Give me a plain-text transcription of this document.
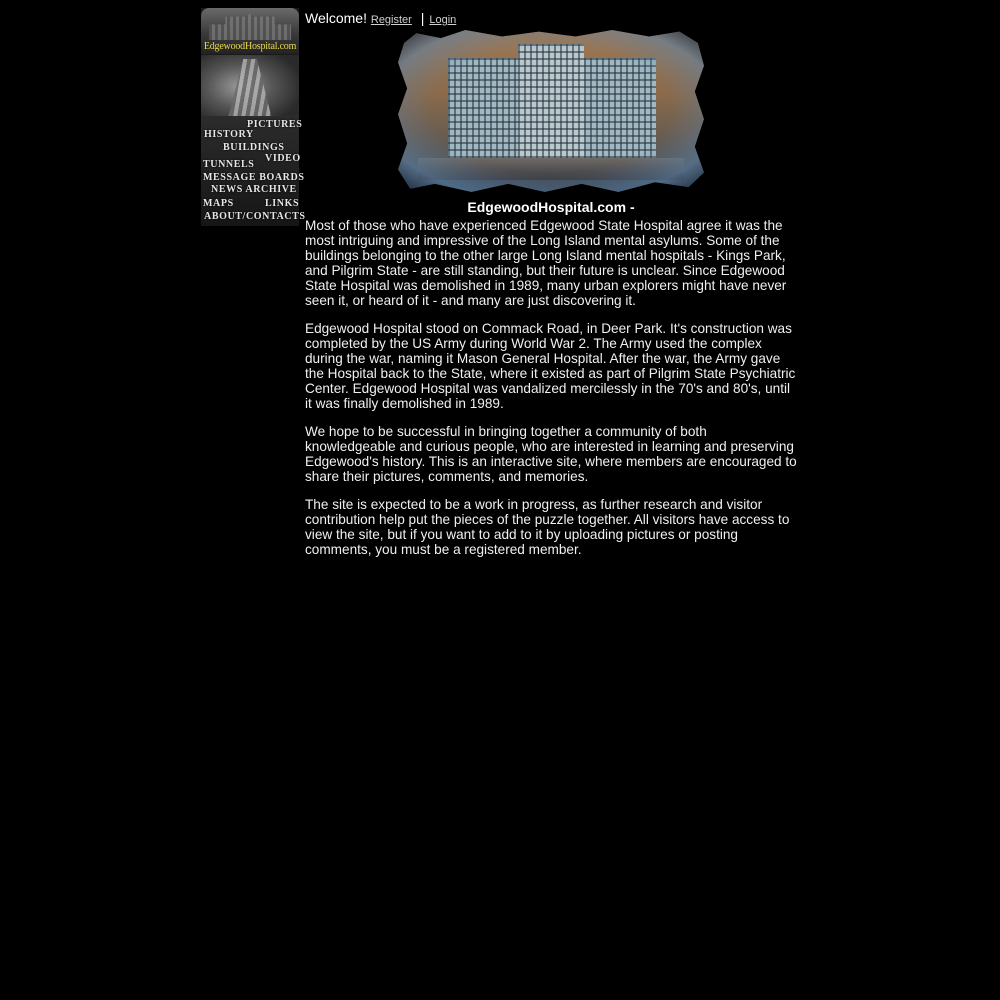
EdgewoodHospital.com
PICTURES
HISTORY
BUILDINGS
VIDEO
TUNNELS
MESSAGE BOARDS
NEWS ARCHIVE
MAPS	LINKS
ABOUT/CONTACTS
Welcome! Register | Login
EdgewoodHospital.com -

Most of those who have experienced Edgewood State Hospital agree it was the most intriguing and impressive of the Long Island mental asylums. Some of the buildings belonging to the other large Long Island mental hospitals - Kings Park, and Pilgrim State - are still standing, but their future is unclear. Since Edgewood State Hospital was demolished in 1989, many urban explorers might have never seen it, or heard of it - and many are just discovering it.

Edgewood Hospital stood on Commack Road, in Deer Park. It's construction was completed by the US Army during World War 2. The Army used the complex during the war, naming it Mason General Hospital. After the war, the Army gave the Hospital back to the State, where it existed as part of Pilgrim State Psychiatric Center. Edgewood Hospital was vandalized mercilessly in the 70's and 80's, until it was finally demolished in 1989.

We hope to be successful in bringing together a community of both knowledgeable and curious people, who are interested in learning and preserving Edgewood's history. This is an interactive site, where members are encouraged to share their pictures, comments, and memories.

The site is expected to be a work in progress, as further research and visitor contribution help put the pieces of the puzzle together. All visitors have access to view the site, but if you want to add to it by uploading pictures or posting comments, you must be a registered member.
